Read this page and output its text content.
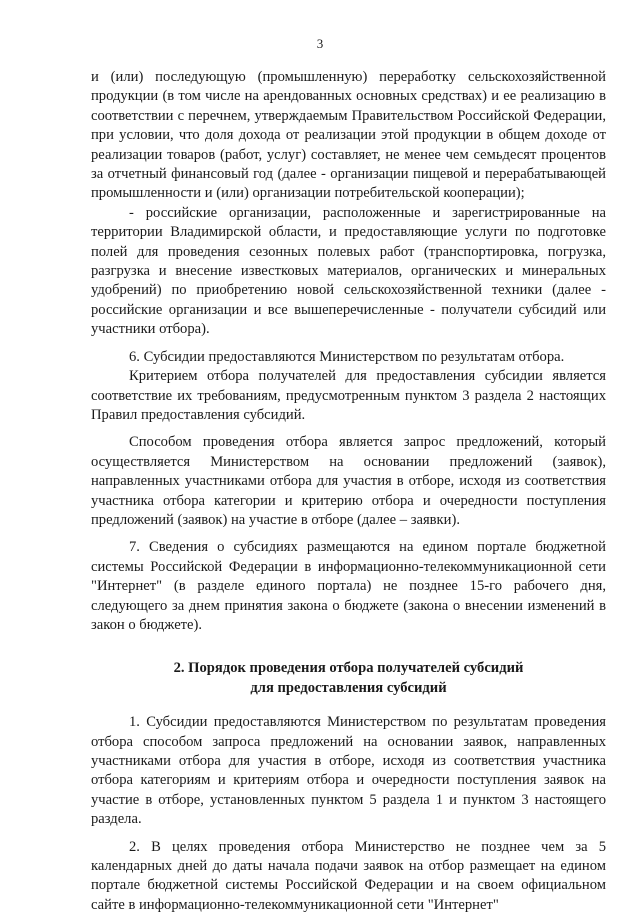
3

и (или) последующую (промышленную) переработку сельскохозяйственной продукции (в том числе на арендованных основных средствах) и ее реализацию в соответствии с перечнем, утверждаемым Правительством Российской Федерации, при условии, что доля дохода от реализации этой продукции в общем доходе от реализации товаров (работ, услуг) составляет, не менее чем семьдесят процентов за отчетный финансовый год (далее - организации пищевой и перерабатывающей промышленности и (или) организации потребительской кооперации);

- российские организации, расположенные и зарегистрированные на территории Владимирской области, и предоставляющие услуги по подготовке полей для проведения сезонных полевых работ (транспортировка, погрузка, разгрузка и внесение известковых материалов, органических и минеральных удобрений) по приобретению новой сельскохозяйственной техники (далее - российские организации и все вышеперечисленные - получатели субсидий или участники отбора).

6. Субсидии предоставляются Министерством по результатам отбора.

Критерием отбора получателей для предоставления субсидии является соответствие их требованиям, предусмотренным пунктом 3 раздела 2 настоящих Правил предоставления субсидий.

Способом проведения отбора является запрос предложений, который осуществляется Министерством на основании предложений (заявок), направленных участниками отбора для участия в отборе, исходя из соответствия участника отбора категории и критерию отбора и очередности поступления предложений (заявок) на участие в отборе (далее – заявки).

7. Сведения о субсидиях размещаются на едином портале бюджетной системы Российской Федерации в информационно-телекоммуникационной сети "Интернет" (в разделе единого портала) не позднее 15-го рабочего дня, следующего за днем принятия закона о бюджете (закона о внесении изменений в закон о бюджете).

2. Порядок проведения отбора получателей субсидий
для предоставления субсидий

1. Субсидии предоставляются Министерством по результатам проведения отбора способом запроса предложений на основании заявок, направленных участниками отбора для участия в отборе, исходя из соответствия участника отбора категориям и критериям отбора и очередности поступления заявок на участие в отборе, установленных пунктом 5 раздела 1 и пунктом 3 настоящего раздела.

2. В целях проведения отбора Министерство не позднее чем за 5 календарных дней до даты начала подачи заявок на отбор размещает на едином портале бюджетной системы Российской Федерации и на своем официальном сайте в информационно-телекоммуникационной сети "Интернет"
